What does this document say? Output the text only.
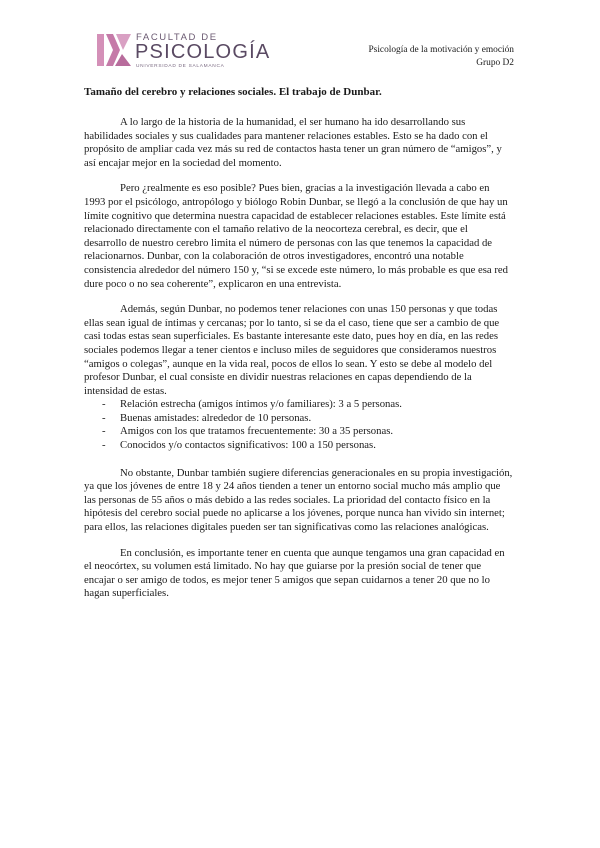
FACULTAD DE
PSICOLOGÍA
UNIVERSIDAD DE SALAMANCA
Psicología de la motivación y emoción
Grupo D2
Tamaño del cerebro y relaciones sociales. El trabajo de Dunbar.

A lo largo de la historia de la humanidad, el ser humano ha ido desarrollando sus habilidades sociales y sus cualidades para mantener relaciones estables. Esto se ha dado con el propósito de ampliar cada vez más su red de contactos hasta tener un gran número de “amigos”, y así encajar mejor en la sociedad del momento.

Pero ¿realmente es eso posible? Pues bien, gracias a la investigación llevada a cabo en 1993 por el psicólogo, antropólogo y biólogo Robin Dunbar, se llegó a la conclusión de que hay un límite cognitivo que determina nuestra capacidad de establecer relaciones estables. Este límite está relacionado directamente con el tamaño relativo de la neocorteza cerebral, es decir, que el desarrollo de nuestro cerebro limita el número de personas con las que tenemos la capacidad de relacionarnos. Dunbar, con la colaboración de otros investigadores, encontró una notable consistencia alrededor del número 150 y, “si se excede este número, lo más probable es que esa red dure poco o no sea coherente”, explicaron en una entrevista.

Además, según Dunbar, no podemos tener relaciones con unas 150 personas y que todas ellas sean igual de íntimas y cercanas; por lo tanto, si se da el caso, tiene que ser a cambio de que casi todas estas sean superficiales. Es bastante interesante este dato, pues hoy en día, en las redes sociales podemos llegar a tener cientos e incluso miles de seguidores que consideramos nuestros “amigos o colegas”, aunque en la vida real, pocos de ellos lo sean. Y esto se debe al modelo del profesor Dunbar, el cual consiste en dividir nuestras relaciones en capas dependiendo de la intensidad de estas.

- Relación estrecha (amigos íntimos y/o familiares): 3 a 5 personas.
- Buenas amistades: alrededor de 10 personas.
- Amigos con los que tratamos frecuentemente: 30 a 35 personas.
- Conocidos y/o contactos significativos: 100 a 150 personas.

No obstante, Dunbar también sugiere diferencias generacionales en su propia investigación, ya que los jóvenes de entre 18 y 24 años tienden a tener un entorno social mucho más amplio que las personas de 55 años o más debido a las redes sociales. La prioridad del contacto físico en la hipótesis del cerebro social puede no aplicarse a los jóvenes, porque nunca han vivido sin internet; para ellos, las relaciones digitales pueden ser tan significativas como las relaciones analógicas.

En conclusión, es importante tener en cuenta que aunque tengamos una gran capacidad en el neocórtex, su volumen está limitado. No hay que guiarse por la presión social de tener que encajar o ser amigo de todos, es mejor tener 5 amigos que sepan cuidarnos a tener 20 que no lo hagan superficiales.
